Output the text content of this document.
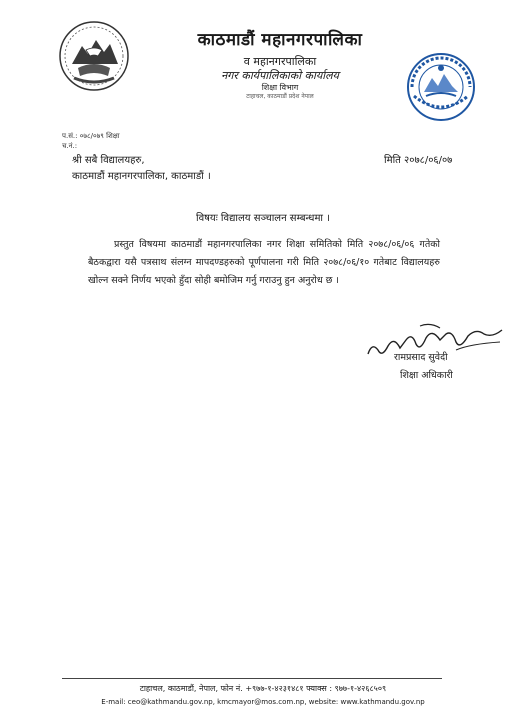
काठमाडौं महानगरपालिका
व महानगरपालिका
नगर कार्यपालिकाको कार्यालय
शिक्षा विभाग
टाहाचल, काठमाडौं प्रदेश नेपाल
प.सं.: ०७८/०७९ शिक्षा
च.नं.:
श्री सबै विद्यालयहरु,
काठमाडौं महानगरपालिका, काठमाडौं ।
मिति २०७८/०६/०७
विषयः विद्यालय सञ्चालन सम्बन्धमा ।
प्रस्तुत विषयमा काठमाडौं महानगरपालिका नगर शिक्षा समितिको मिति २०७८/०६/०६ गतेको बैठकद्वारा यसै पत्रसाथ संलग्न मापदण्डहरुको पूर्णपालना गरी मिति २०७८/०६/१० गतेबाट विद्यालयहरु खोल्न सक्ने निर्णय भएको हुँदा सोही बमोजिम गर्नु गराउनु हुन अनुरोध छ ।
रामप्रसाद सुवेदी
शिक्षा अधिकारी
टाहाचल, काठमाडौं, नेपाल, फोन नं. +९७७-१-४२३१४८१ फ्याक्स : ९७७-१-४२६८५०९
E-mail: ceo@kathmandu.gov.np, kmcmayor@mos.com.np, website: www.kathmandu.gov.np
